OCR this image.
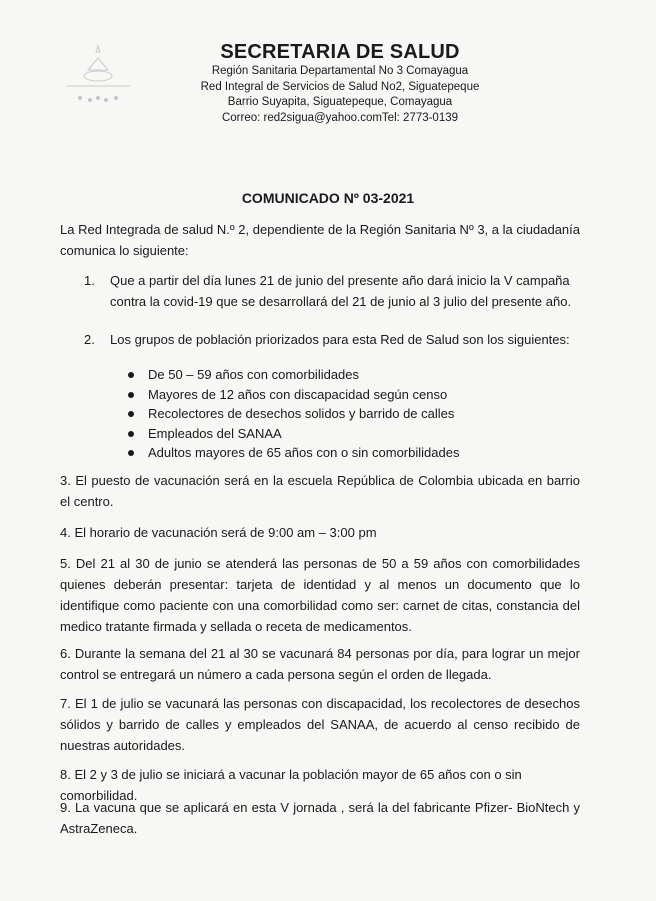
SECRETARIA DE SALUD
Región Sanitaria Departamental No 3 Comayagua
Red Integral de Servicios de Salud No2, Siguatepeque
Barrio Suyapita, Siguatepeque, Comayagua
Correo: red2sigua@yahoo.comTel: 2773-0139
COMUNICADO Nº 03-2021
La Red Integrada de salud N.º 2, dependiente de la Región Sanitaria Nº 3, a la ciudadanía comunica lo siguiente:
1. Que a partir del día lunes 21 de junio del presente año dará inicio la V campaña
contra la covid-19 que se desarrollará del 21 de junio al 3 julio del presente año.
2. Los grupos de población priorizados para esta Red de Salud son los siguientes:
De 50 – 59 años con comorbilidades
Mayores de 12 años con discapacidad según censo
Recolectores de desechos solidos y barrido de calles
Empleados del SANAA
Adultos mayores de 65 años con o sin comorbilidades
3. El puesto de vacunación será en la escuela República de Colombia ubicada en barrio el centro.
4. El horario de vacunación será de 9:00 am – 3:00 pm
5. Del 21 al 30 de junio se atenderá las personas de 50 a 59 años con comorbilidades quienes deberán presentar: tarjeta de identidad y al menos un documento que lo identifique como paciente con una comorbilidad como ser: carnet de citas, constancia del medico tratante firmada y sellada o receta de medicamentos.
6. Durante la semana del 21 al 30 se vacunará 84 personas por día, para lograr un mejor control se entregará un número a cada persona según el orden de llegada.
7. El 1 de julio se vacunará las personas con discapacidad, los recolectores de desechos sólidos y barrido de calles y empleados del SANAA, de acuerdo al censo recibido de nuestras autoridades.
8. El 2 y 3 de julio se iniciará a vacunar la población mayor de 65 años con o sin comorbilidad.
9. La vacuna que se aplicará en esta V jornada , será la del fabricante Pfizer- BioNtech y AstraZeneca.
